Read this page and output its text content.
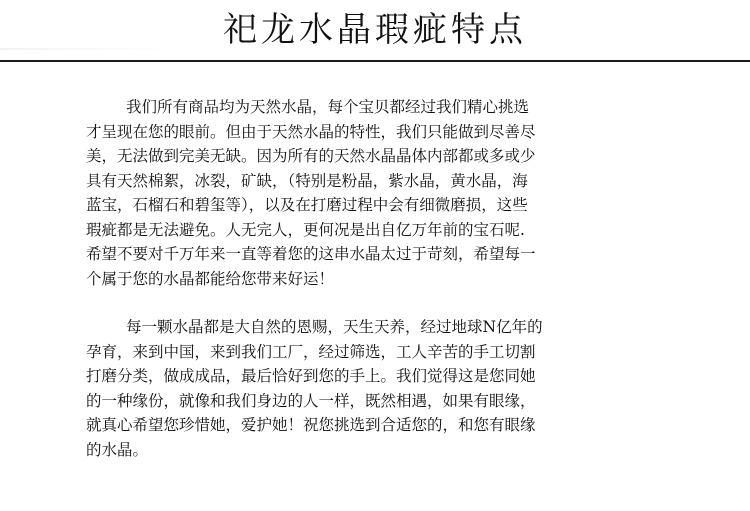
祀龙水晶瑕疵特点

我们所有商品均为天然水晶，每个宝贝都经过我们精心挑选
才呈现在您的眼前。但由于天然水晶的特性，我们只能做到尽善尽
美，无法做到完美无缺。因为所有的天然水晶晶体内部都或多或少
具有天然棉絮，冰裂，矿缺，（特别是粉晶，紫水晶，黄水晶，海
蓝宝，石榴石和碧玺等），以及在打磨过程中会有细微磨损，这些
瑕疵都是无法避免。人无完人，更何况是出自亿万年前的宝石呢.
希望不要对千万年来一直等着您的这串水晶太过于苛刻，希望每一
个属于您的水晶都能给您带来好运！

每一颗水晶都是大自然的恩赐，天生天养，经过地球N亿年的
孕育，来到中国，来到我们工厂，经过筛选，工人辛苦的手工切割
打磨分类，做成成品，最后恰好到您的手上。我们觉得这是您同她
的一种缘份，就像和我们身边的人一样，既然相遇，如果有眼缘，
就真心希望您珍惜她，爱护她！祝您挑选到合适您的，和您有眼缘
的水晶。
